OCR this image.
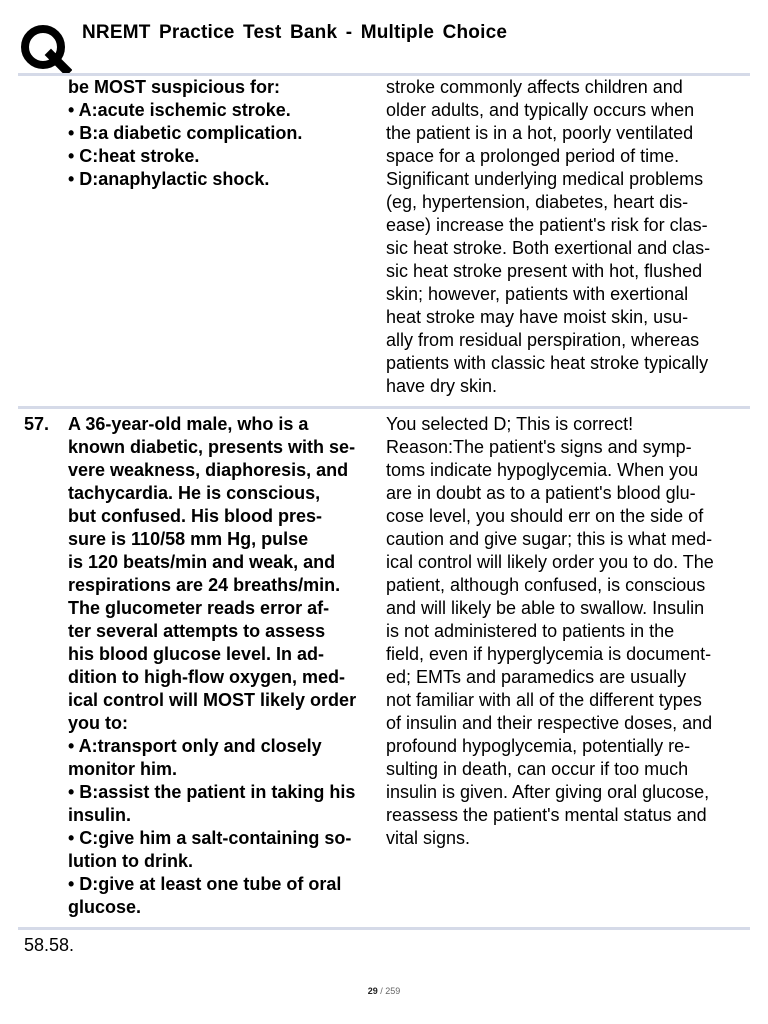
NREMT Practice Test Bank - Multiple Choice
be MOST suspicious for:
• A:acute ischemic stroke.
• B:a diabetic complication.
• C:heat stroke.
• D:anaphylactic shock.
stroke commonly affects children and
older adults, and typically occurs when
the patient is in a hot, poorly ventilated
space for a prolonged period of time.
Significant underlying medical problems
(eg, hypertension, diabetes, heart dis-
ease) increase the patient's risk for clas-
sic heat stroke. Both exertional and clas-
sic heat stroke present with hot, flushed
skin; however, patients with exertional
heat stroke may have moist skin, usu-
ally from residual perspiration, whereas
patients with classic heat stroke typically
have dry skin.
57. A 36-year-old male, who is a
known diabetic, presents with se-
vere weakness, diaphoresis, and
tachycardia. He is conscious,
but confused. His blood pres-
sure is 110/58 mm Hg, pulse
is 120 beats/min and weak, and
respirations are 24 breaths/min.
The glucometer reads error af-
ter several attempts to assess
his blood glucose level. In ad-
dition to high-flow oxygen, med-
ical control will MOST likely order
you to:
• A:transport only and closely
monitor him.
• B:assist the patient in taking his
insulin.
• C:give him a salt-containing so-
lution to drink.
• D:give at least one tube of oral
glucose.
You selected D; This is correct!
Reason:The patient's signs and symp-
toms indicate hypoglycemia. When you
are in doubt as to a patient's blood glu-
cose level, you should err on the side of
caution and give sugar; this is what med-
ical control will likely order you to do. The
patient, although confused, is conscious
and will likely be able to swallow. Insulin
is not administered to patients in the
field, even if hyperglycemia is document-
ed; EMTs and paramedics are usually
not familiar with all of the different types
of insulin and their respective doses, and
profound hypoglycemia, potentially re-
sulting in death, can occur if too much
insulin is given. After giving oral glucose,
reassess the patient's mental status and
vital signs.
58.58.
29 / 259
